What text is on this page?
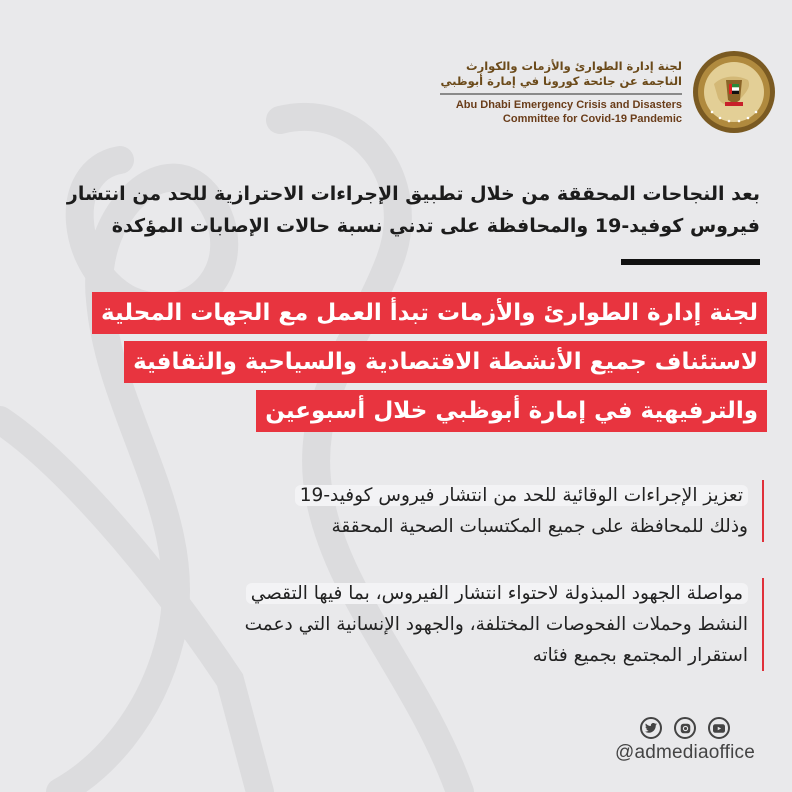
لجنة إدارة الطوارئ والأزمات والكوارث
الناجمة عن جائحة كورونا في إمارة أبوظبي
Abu Dhabi Emergency Crisis and Disasters
Committee for Covid-19 Pandemic
بعد النجاحات المحققة من خلال تطبيق الإجراءات الاحترازية للحد من انتشار
فيروس كوفيد-19 والمحافظة على تدني نسبة حالات الإصابات المؤكدة
لجنة إدارة الطوارئ والأزمات تبدأ العمل مع الجهات المحلية
لاستئناف جميع الأنشطة الاقتصادية والسياحية والثقافية
والترفيهية في إمارة أبوظبي خلال أسبوعين
تعزيز الإجراءات الوقائية للحد من انتشار فيروس كوفيد-19
وذلك للمحافظة على جميع المكتسبات الصحية المحققة
مواصلة الجهود المبذولة لاحتواء انتشار الفيروس، بما فيها التقصي
النشط وحملات الفحوصات المختلفة، والجهود الإنسانية التي دعمت
استقرار المجتمع بجميع فئاته
@admediaoffice
